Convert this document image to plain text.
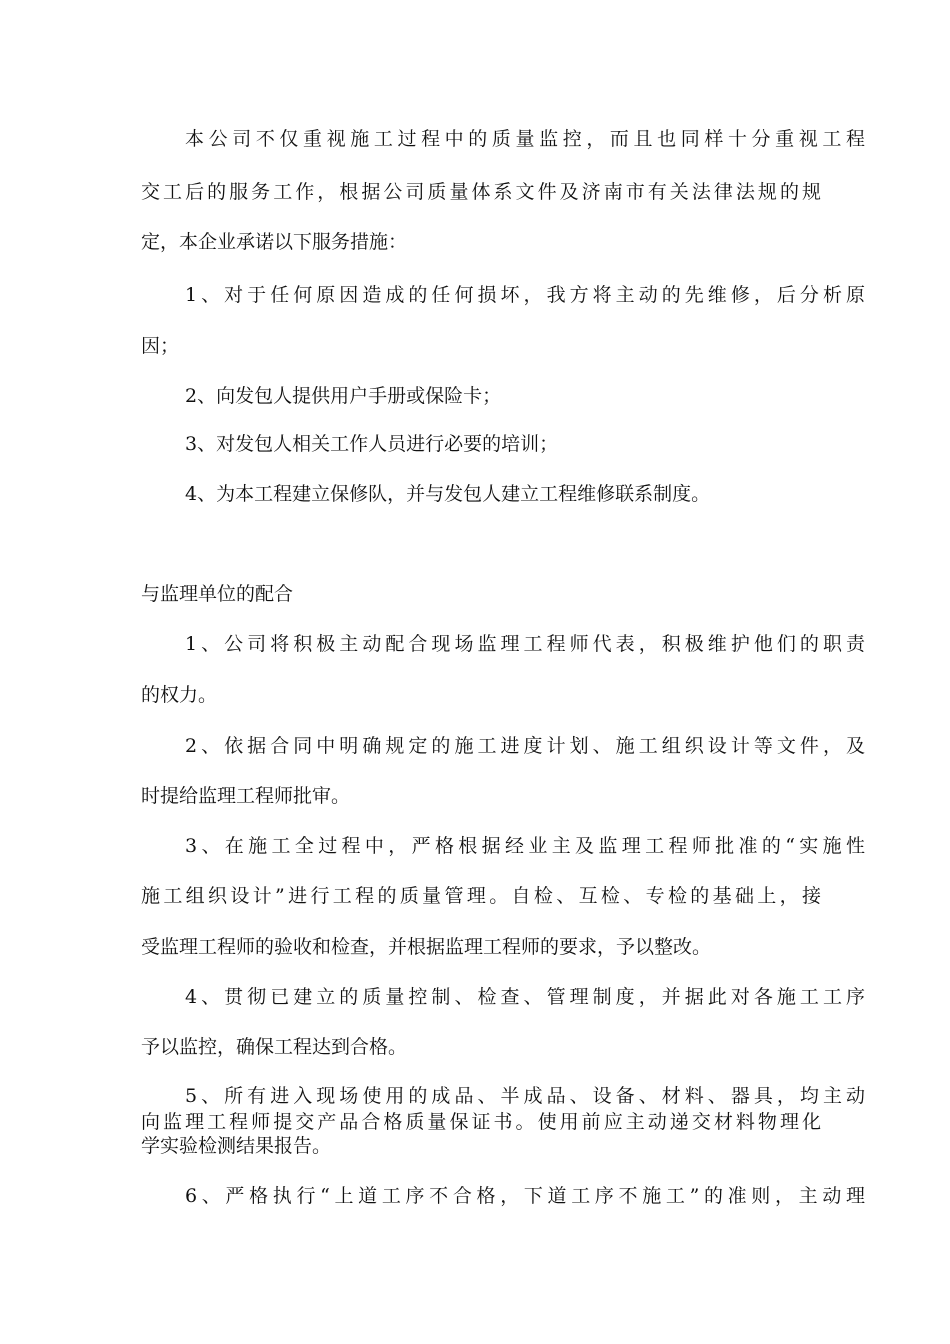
本公司不仅重视施工过程中的质量监控，而且也同样十分重视工程
交工后的服务工作，根据公司质量体系文件及济南市有关法律法规的规
定，本企业承诺以下服务措施：
1、对于任何原因造成的任何损坏，我方将主动的先维修，后分析原
因；
2、向发包人提供用户手册或保险卡；
3、对发包人相关工作人员进行必要的培训；
4、为本工程建立保修队，并与发包人建立工程维修联系制度。
与监理单位的配合
1、公司将积极主动配合现场监理工程师代表，积极维护他们的职责
的权力。
2、依据合同中明确规定的施工进度计划、施工组织设计等文件，及
时提给监理工程师批审。
3、在施工全过程中，严格根据经业主及监理工程师批准的“实施性
施工组织设计”进行工程的质量管理。自检、互检、专检的基础上，接
受监理工程师的验收和检查，并根据监理工程师的要求，予以整改。
4、贯彻已建立的质量控制、检查、管理制度，并据此对各施工工序
予以监控，确保工程达到合格。
5、所有进入现场使用的成品、半成品、设备、材料、器具，均主动
向监理工程师提交产品合格质量保证书。使用前应主动递交材料物理化
学实验检测结果报告。
6、严格执行“上道工序不合格，下道工序不施工”的准则，主动理
